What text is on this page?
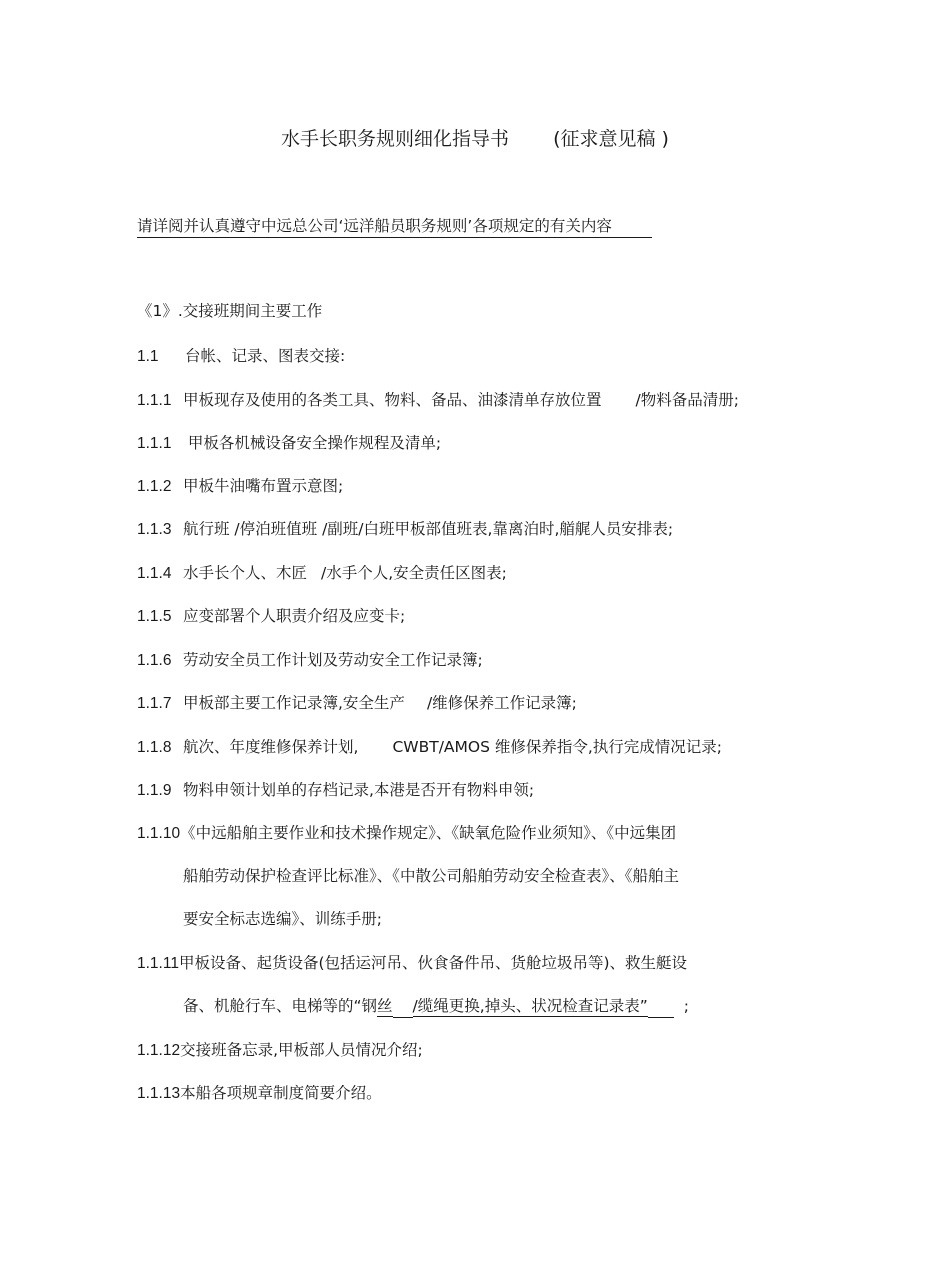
水手长职务规则细化指导书 (征求意见稿 )
请详阅并认真遵守中远总公司‘远洋船员职务规则’各项规定的有关内容
《1》.交接班期间主要工作
1.1 台帐、记录、图表交接:
1.1.1 甲板现存及使用的各类工具、物料、备品、油漆清单存放位置 /物料备品清册;
1.1.1 甲板各机械设备安全操作规程及清单;
1.1.2 甲板牛油嘴布置示意图;
1.1.3 航行班 /停泊班值班 /副班/白班甲板部值班表,靠离泊时,艏艉人员安排表;
1.1.4 水手长个人、木匠 /水手个人,安全责任区图表;
1.1.5 应变部署个人职责介绍及应变卡;
1.1.6 劳动安全员工作计划及劳动安全工作记录簿;
1.1.7 甲板部主要工作记录簿,安全生产 /维修保养工作记录簿;
1.1.8 航次、年度维修保养计划, CWBT/AMOS 维修保养指令,执行完成情况记录;
1.1.9 物料申领计划单的存档记录,本港是否开有物料申领;
1.1.10《中远船舶主要作业和技术操作规定》、《缺氧危险作业须知》、《中远集团
船舶劳动保护检查评比标准》、《中散公司船舶劳动安全检查表》、《船舶主
要安全标志选编》、训练手册;
1.1.11甲板设备、起货设备(包括运河吊、伙食备件吊、货舱垃圾吊等)、救生艇设
备、机舱行车、电梯等的“钢丝 /缆绳更换,掉头、状况检查记录表” ;
1.1.12交接班备忘录,甲板部人员情况介绍;
1.1.13本船各项规章制度简要介绍。
